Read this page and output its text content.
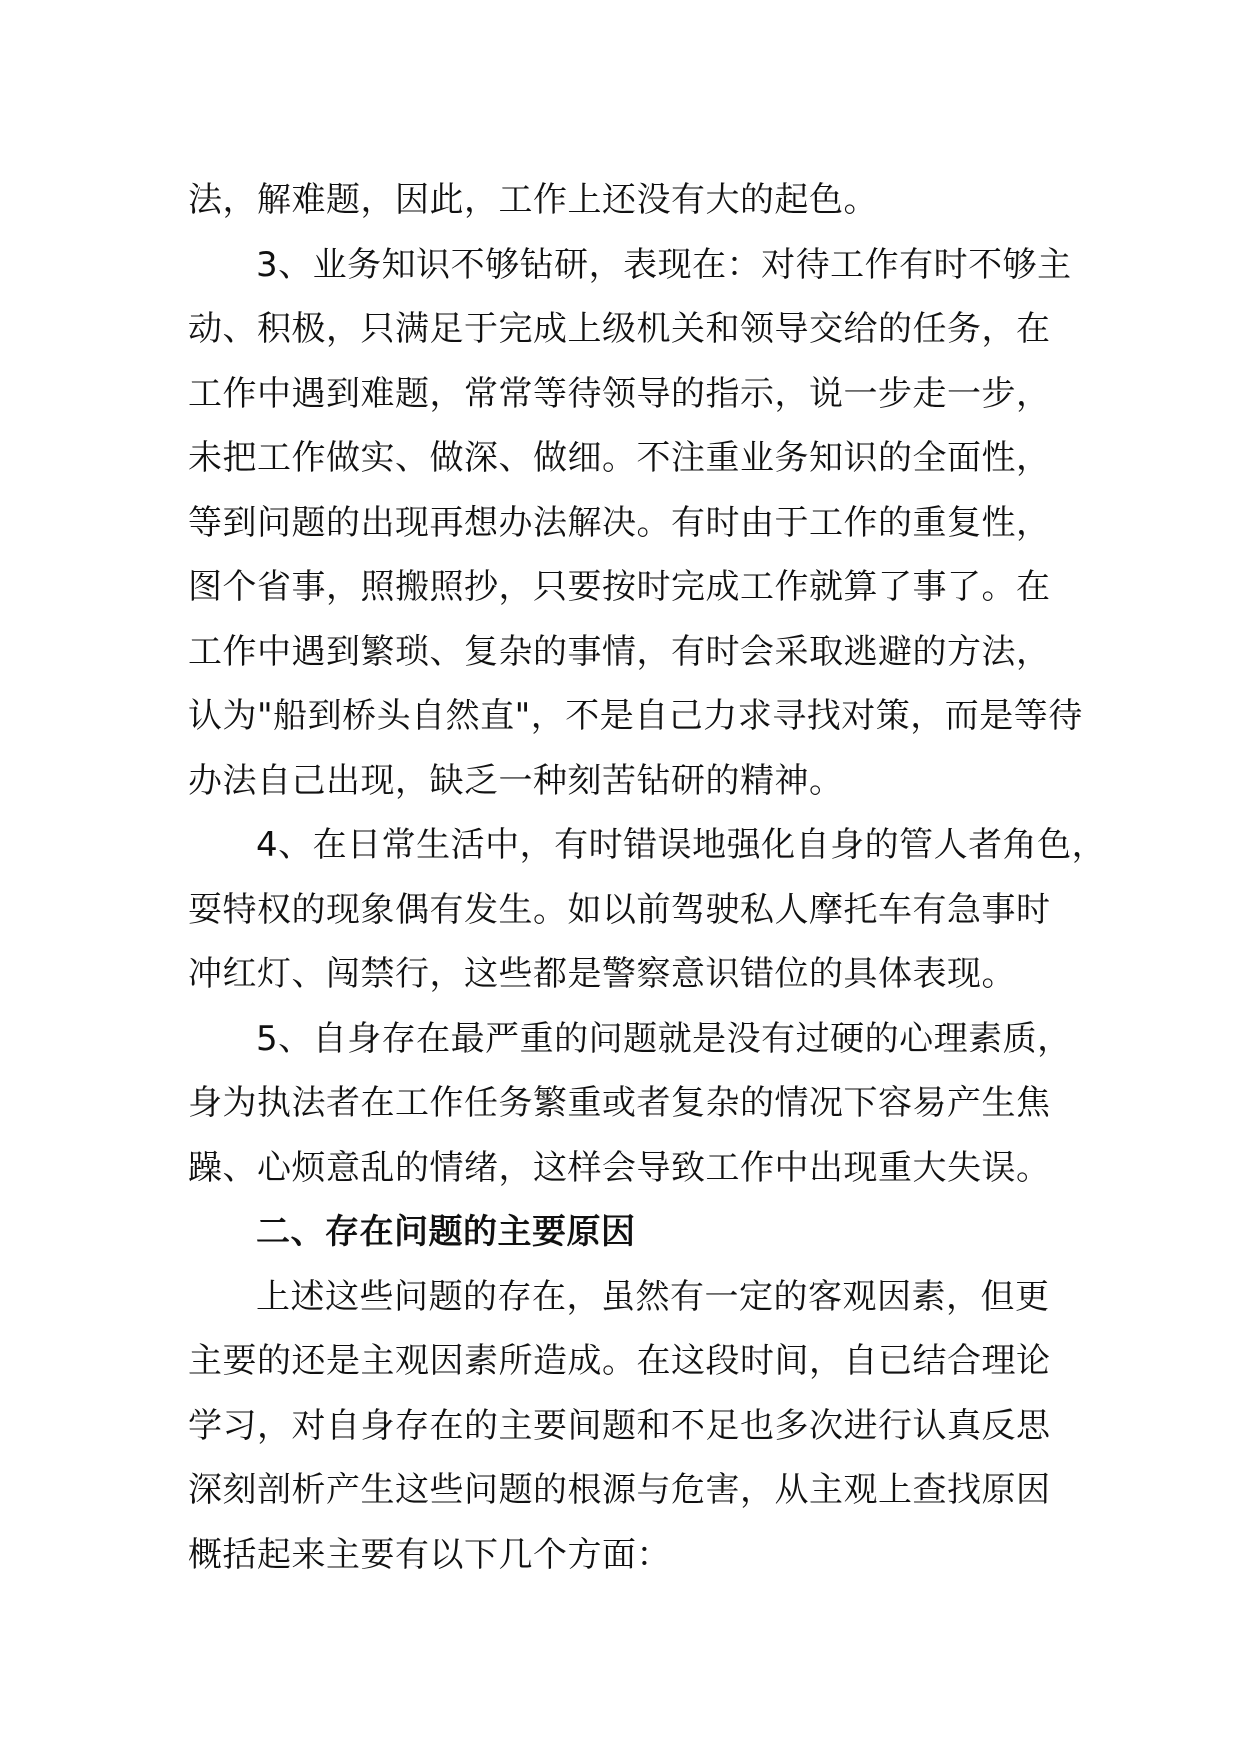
法，解难题，因此，工作上还没有大的起色。
3、业务知识不够钻研，表现在：对待工作有时不够主
动、积极，只满足于完成上级机关和领导交给的任务，在
工作中遇到难题，常常等待领导的指示，说一步走一步，
未把工作做实、做深、做细。不注重业务知识的全面性，
等到问题的出现再想办法解决。有时由于工作的重复性，
图个省事，照搬照抄，只要按时完成工作就算了事了。在
工作中遇到繁琐、复杂的事情，有时会采取逃避的方法，
认为"船到桥头自然直"，不是自己力求寻找对策，而是等待
办法自己出现，缺乏一种刻苦钻研的精神。
4、在日常生活中，有时错误地强化自身的管人者角色，
耍特权的现象偶有发生。如以前驾驶私人摩托车有急事时
冲红灯、闯禁行，这些都是警察意识错位的具体表现。
5、自身存在最严重的问题就是没有过硬的心理素质，
身为执法者在工作任务繁重或者复杂的情况下容易产生焦
躁、心烦意乱的情绪，这样会导致工作中出现重大失误。
二、存在问题的主要原因
上述这些问题的存在，虽然有一定的客观因素，但更
主要的还是主观因素所造成。在这段时间，自已结合理论
学习，对自身存在的主要间题和不足也多次进行认真反思
深刻剖析产生这些问题的根源与危害，从主观上查找原因
概括起来主要有以下几个方面：
